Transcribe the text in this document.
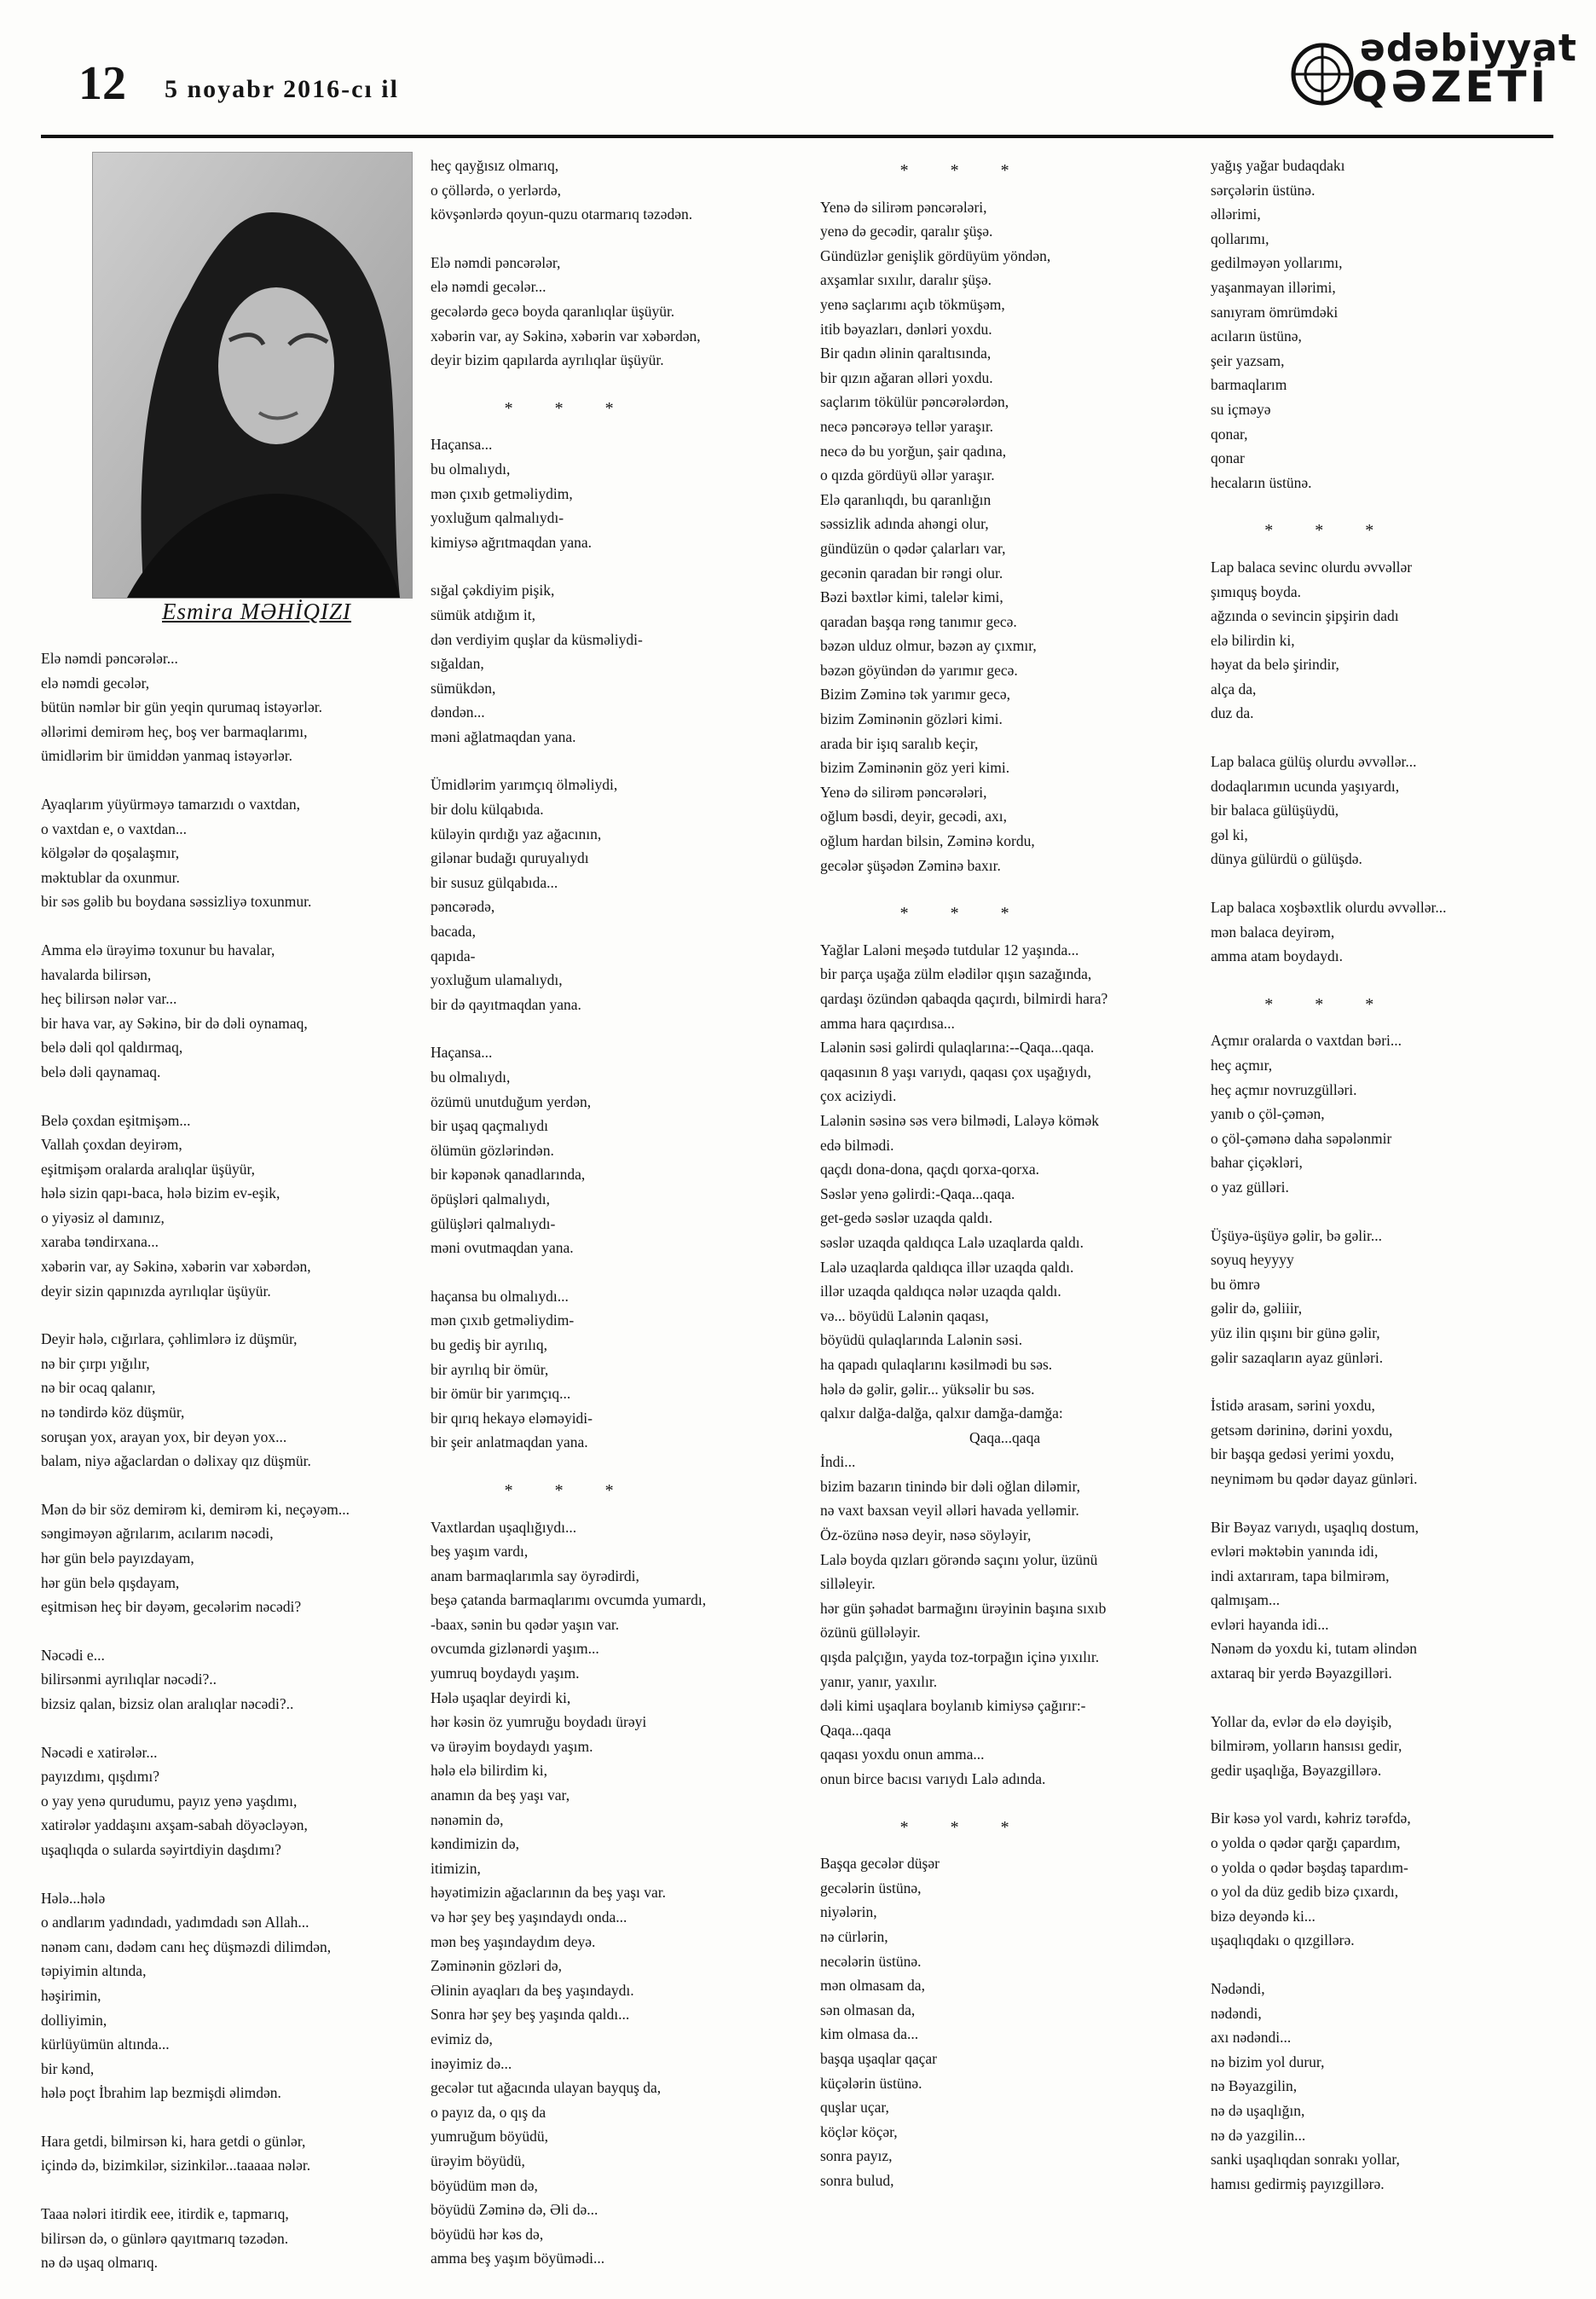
12 5 noyabr 2016-cı il
ədəbiyyat
QƏZETİ
Esmira MƏHİQIZI
Elə nəmdi pəncərələr...
elə nəmdi gecələr,
bütün nəmlər bir gün yeqin qurumaq istəyərlər.
əllərimi demirəm heç, boş ver barmaqlarımı,
ümidlərim bir ümiddən yanmaq istəyərlər.
Ayaqlarım yüyürməyə tamarzıdı o vaxtdan,
o vaxtdan e, o vaxtdan...
kölgələr də qoşalaşmır,
məktublar da oxunmur.
bir səs gəlib bu boydana səssizliyə toxunmur.
Amma elə ürəyimə toxunur bu havalar,
havalarda bilirsən,
heç bilirsən nələr var...
bir hava var, ay Səkinə, bir də dəli oynamaq,
belə dəli qol qaldırmaq,
belə dəli qaynamaq.
Belə çoxdan eşitmişəm...
Vallah çoxdan deyirəm,
eşitmişəm oralarda aralıqlar üşüyür,
hələ sizin qapı-baca, hələ bizim ev-eşik,
o yiyəsiz əl damınız,
xaraba təndirxana...
xəbərin var, ay Səkinə, xəbərin var xəbərdən,
deyir sizin qapınızda ayrılıqlar üşüyür.
Deyir hələ, cığırlara, çəhlimlərə iz düşmür,
nə bir çırpı yığılır,
nə bir ocaq qalanır,
nə təndirdə köz düşmür,
soruşan yox, arayan yox, bir deyən yox...
balam, niyə ağaclardan o dəlixay qız düşmür.
Mən də bir söz demirəm ki, demirəm ki, neçəyəm...
səngiməyən ağrılarım, acılarım nəcədi,
hər gün belə payızdayam,
hər gün belə qışdayam,
eşitmisən heç bir dəyəm, gecələrim nəcədi?
Nəcədi e...
bilirsənmi ayrılıqlar nəcədi?..
bizsiz qalan, bizsiz olan aralıqlar nəcədi?..
Nəcədi e xatirələr...
payızdımı, qışdımı?
o yay yenə qurudumu, payız yenə yaşdımı,
xatirələr yaddaşını axşam-sabah döyəcləyən,
uşaqlıqda o sularda səyirtdiyin daşdımı?
Hələ...hələ
o andlarım yadındadı, yadımdadı sən Allah...
nənəm canı, dədəm canı heç düşməzdi dilimdən,
təpiyimin altında,
həşirimin,
dolliyimin,
kürlüyümün altında...
bir kənd,
hələ poçt İbrahim lap bezmişdi əlimdən.
Hara getdi, bilmirsən ki, hara getdi o günlər,
içində də, bizimkilər, sizinkilər...taaaaa nələr.
Taaa nələri itirdik eee, itirdik e, tapmarıq,
bilirsən də, o günlərə qayıtmarıq təzədən.
nə də uşaq olmarıq.
heç qayğısız olmarıq,
o çöllərdə, o yerlərdə,
kövşənlərdə qoyun-quzu otarmarıq təzədən.
Elə nəmdi pəncərələr,
elə nəmdi gecələr...
gecələrdə gecə boyda qaranlıqlar üşüyür.
xəbərin var, ay Səkinə, xəbərin var xəbərdən,
deyir bizim qapılarda ayrılıqlar üşüyür.
* * *
Haçansa...
bu olmalıydı,
mən çıxıb getməliydim,
yoxluğum qalmalıydı-
kimiysə ağrıtmaqdan yana.
sığal çəkdiyim pişik,
sümük atdığım it,
dən verdiyim quşlar da küsməliydi-
sığaldan,
sümükdən,
dəndən...
məni ağlatmaqdan yana.
Ümidlərim yarımçıq ölməliydi,
bir dolu külqabıda.
küləyin qırdığı yaz ağacının,
gilənar budağı quruyalıydı
bir susuz gülqabıda...
pəncərədə,
bacada,
qapıda-
yoxluğum ulamalıydı,
bir də qayıtmaqdan yana.
Haçansa...
bu olmalıydı,
özümü unutduğum yerdən,
bir uşaq qaçmalıydı
ölümün gözlərindən.
bir kəpənək qanadlarında,
öpüşləri qalmalıydı,
gülüşləri qalmalıydı-
məni ovutmaqdan yana.
haçansa bu olmalıydı...
mən çıxıb getməliydim-
bu gediş bir ayrılıq,
bir ayrılıq bir ömür,
bir ömür bir yarımçıq...
bir qırıq hekayə eləməyidi-
bir şeir anlatmaqdan yana.
* * *
Vaxtlardan uşaqlığıydı...
beş yaşım vardı,
anam barmaqlarımla say öyrədirdi,
beşə çatanda barmaqlarımı ovcumda yumardı,
-baax, sənin bu qədər yaşın var.
ovcumda gizlənərdi yaşım...
yumruq boydaydı yaşım.
Hələ uşaqlar deyirdi ki,
hər kəsin öz yumruğu boydadı ürəyi
və ürəyim boydaydı yaşım.
hələ elə bilirdim ki,
anamın da beş yaşı var,
nənəmin də,
kəndimizin də,
itimizin,
həyətimizin ağaclarının da beş yaşı var.
və hər şey beş yaşındaydı onda...
mən beş yaşındaydım deyə.
Zəminənin gözləri də,
Əlinin ayaqları da beş yaşındaydı.
Sonra hər şey beş yaşında qaldı...
evimiz də,
inəyimiz də...
gecələr tut ağacında ulayan bayquş da,
o payız da, o qış da
yumruğum böyüdü,
ürəyim böyüdü,
böyüdüm mən də,
böyüdü Zəminə də, Əli də...
böyüdü hər kəs də,
amma beş yaşım böyümədi...
* * *
Yenə də silirəm pəncərələri,
yenə də gecədir, qaralır şüşə.
Gündüzlər genişlik gördüyüm yöndən,
axşamlar sıxılır, daralır şüşə.
yenə saçlarımı açıb tökmüşəm,
itib bəyazları, dənləri yoxdu.
Bir qadın əlinin qaraltısında,
bir qızın ağaran əlləri yoxdu.
saçlarım tökülür pəncərələrdən,
necə pəncərəyə tellər yaraşır.
necə də bu yorğun, şair qadına,
o qızda gördüyü əllər yaraşır.
Elə qaranlıqdı, bu qaranlığın
səssizlik adında ahəngi olur,
gündüzün o qədər çalarları var,
gecənin qaradan bir rəngi olur.
Bəzi bəxtlər kimi, talelər kimi,
qaradan başqa rəng tanımır gecə.
bəzən ulduz olmur, bəzən ay çıxmır,
bəzən göyündən də yarımır gecə.
Bizim Zəminə tək yarımır gecə,
bizim Zəminənin gözləri kimi.
arada bir işıq saralıb keçir,
bizim Zəminənin göz yeri kimi.
Yenə də silirəm pəncərələri,
oğlum bəsdi, deyir, gecədi, axı,
oğlum hardan bilsin, Zəminə kordu,
gecələr şüşədən Zəminə baxır.
* * *
Yağlar Laləni meşədə tutdular 12 yaşında...
bir parça uşağa zülm elədilər qışın sazağında,
qardaşı özündən qabaqda qaçırdı, bilmirdi hara?
amma hara qaçırdısa...
Lalənin səsi gəlirdi qulaqlarına:--Qaqa...qaqa.
qaqasının 8 yaşı varıydı, qaqası çox uşağıydı,
çox aciziydi.
Lalənin səsinə səs verə bilmədi, Laləyə kömək
edə bilmədi.
qaçdı dona-dona, qaçdı qorxa-qorxa.
Səslər yenə gəlirdi:-Qaqa...qaqa.
get-gedə səslər uzaqda qaldı.
səslər uzaqda qaldıqca Lalə uzaqlarda qaldı.
Lalə uzaqlarda qaldıqca illər uzaqda qaldı.
illər uzaqda qaldıqca nələr uzaqda qaldı.
və... böyüdü Lalənin qaqası,
böyüdü qulaqlarında Lalənin səsi.
ha qapadı qulaqlarını kəsilmədi bu səs.
hələ də gəlir, gəlir... yüksəlir bu səs.
qalxır dalğa-dalğa, qalxır damğa-damğa:
Qaqa...qaqa
İndi...
bizim bazarın tinində bir dəli oğlan diləmir,
nə vaxt baxsan veyil əlləri havada yelləmir.
Öz-özünə nəsə deyir, nəsə söyləyir,
Lalə boyda qızları görəndə saçını yolur, üzünü
silləleyir.
hər gün şəhadət barmağını ürəyinin başına sıxıb
özünü güllələyir.
qışda palçığın, yayda toz-torpağın içinə yıxılır.
yanır, yanır, yaxılır.
dəli kimi uşaqlara boylanıb kimiysə çağırır:-
Qaqa...qaqa
qaqası yoxdu onun amma...
onun birce bacısı varıydı Lalə adında.
* * *
Başqa gecələr düşər
gecələrin üstünə,
niyələrin,
nə cürlərin,
necələrin üstünə.
mən olmasam da,
sən olmasan da,
kim olmasa da...
başqa uşaqlar qaçar
küçələrin üstünə.
quşlar uçar,
köçlər köçər,
sonra payız,
sonra bulud,
yağış yağar budaqdakı
sərçələrin üstünə.
əllərimi,
qollarımı,
gedilməyən yollarımı,
yaşanmayan illərimi,
sanıyram ömrümdəki
acıların üstünə,
şeir yazsam,
barmaqlarım
su içməyə
qonar,
qonar
hecaların üstünə.
* * *
Lap balaca sevinc olurdu əvvəllər
şımıquş boyda.
ağzında o sevincin şipşirin dadı
elə bilirdin ki,
həyat da belə şirindir,
alça da,
duz da.
Lap balaca gülüş olurdu əvvəllər...
dodaqlarımın ucunda yaşıyardı,
bir balaca gülüşüydü,
gəl ki,
dünya gülürdü o gülüşdə.
Lap balaca xoşbəxtlik olurdu əvvəllər...
mən balaca deyirəm,
amma atam boydaydı.
* * *
Açmır oralarda o vaxtdan bəri...
heç açmır,
heç açmır novruzgülləri.
yanıb o çöl-çəmən,
o çöl-çəmənə daha səpələnmir
bahar çiçəkləri,
o yaz gülləri.
Üşüyə-üşüyə gəlir, bə gəlir...
soyuq heyyyy
bu ömrə
gəlir də, gəliiir,
yüz ilin qışını bir günə gəlir,
gəlir sazaqların ayaz günləri.
İstidə arasam, sərini yoxdu,
getsəm dərininə, dərini yoxdu,
bir başqa gedəsi yerimi yoxdu,
neyniməm bu qədər dayaz günləri.
Bir Bəyaz varıydı, uşaqlıq dostum,
evləri məktəbin yanında idi,
indi axtarıram, tapa bilmirəm,
qalmışam...
evləri hayanda idi...
Nənəm də yoxdu ki, tutam əlindən
axtaraq bir yerdə Bəyazgilləri.
Yollar da, evlər də elə dəyişib,
bilmirəm, yolların hansısı gedir,
gedir uşaqlığa, Bəyazgillərə.
Bir kəsə yol vardı, kəhriz tərəfdə,
o yolda o qədər qarğı çapardım,
o yolda o qədər bəşdaş tapardım-
o yol da düz gedib bizə çıxardı,
bizə deyəndə ki...
uşaqlıqdakı o qızgillərə.
Nədəndi,
nədəndi,
axı nədəndi...
nə bizim yol durur,
nə Bəyazgilin,
nə də uşaqlığın,
nə də yazgilin...
sanki uşaqlıqdan sonrakı yollar,
hamısı gedirmiş payızgillərə.
